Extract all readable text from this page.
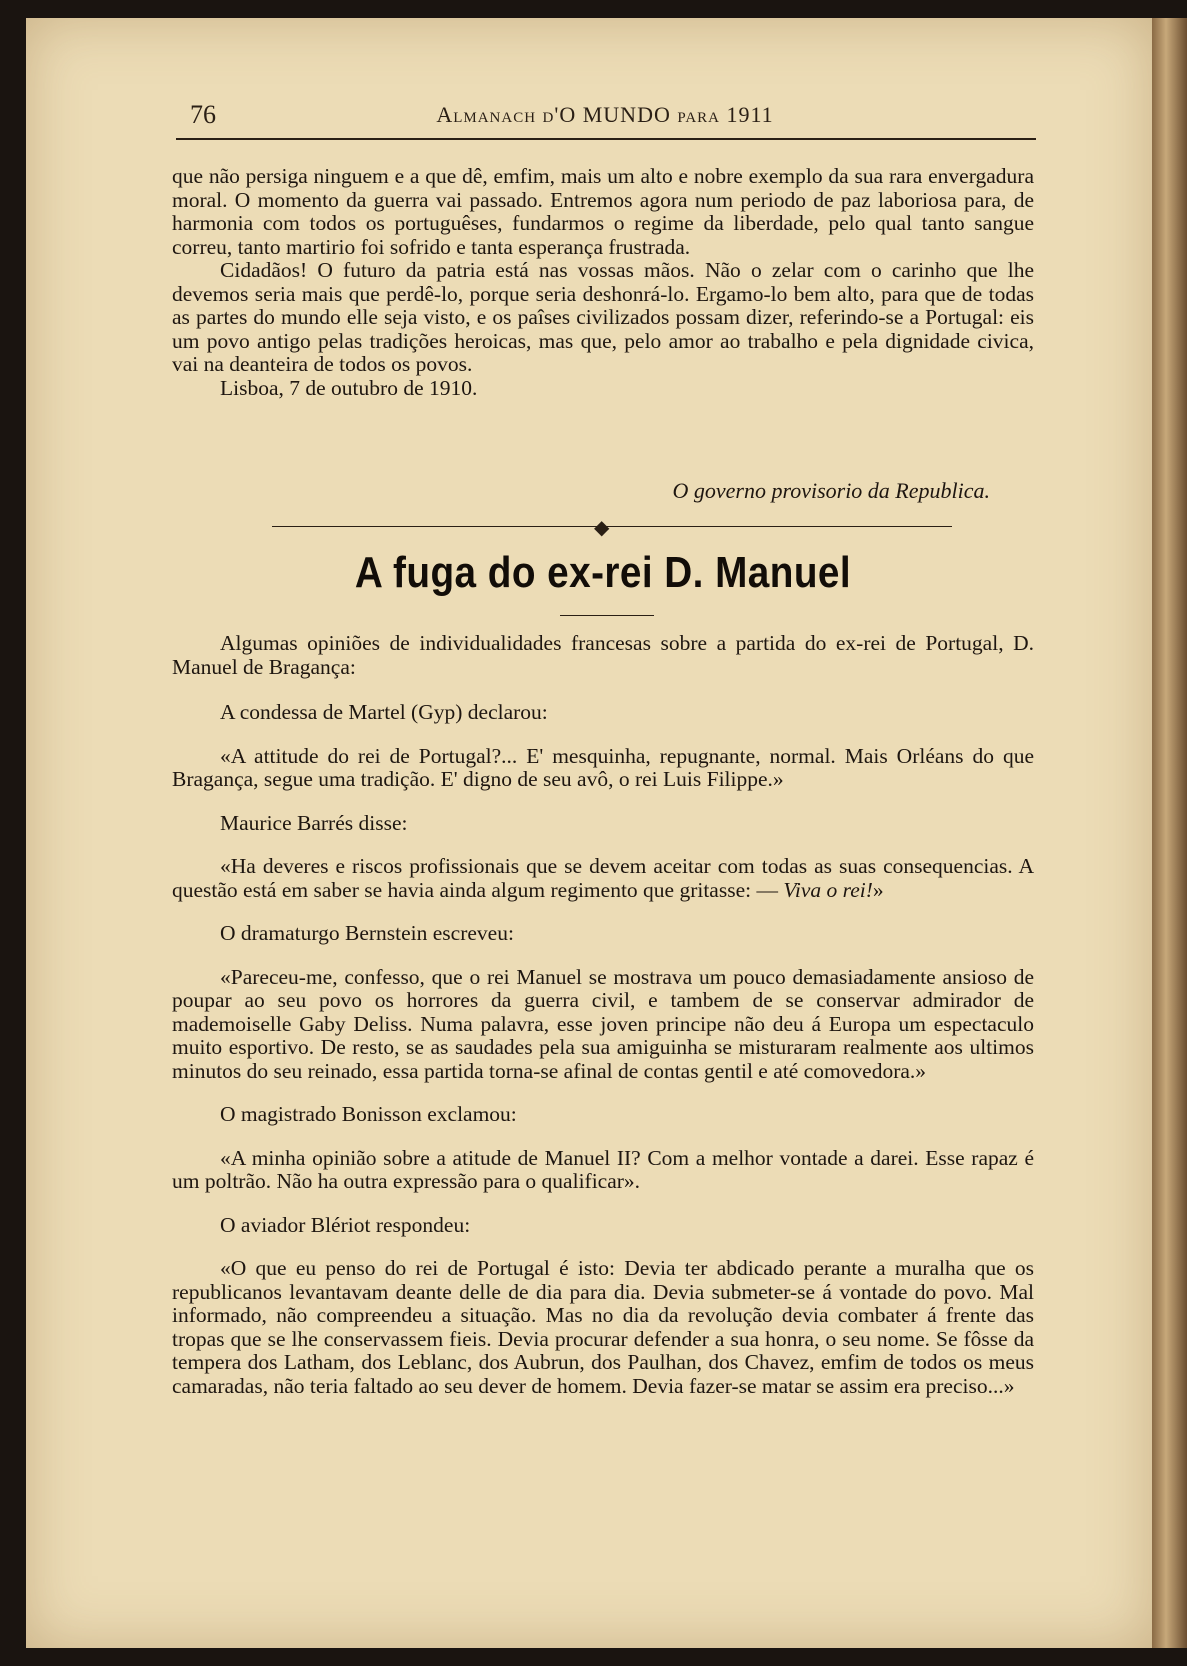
76	Almanach d'O MUNDO para 1911

que não persiga ninguem e a que dê, emfim, mais um alto e nobre exemplo da sua rara envergadura moral. O momento da guerra vai passado. Entremos agora num periodo de paz laboriosa para, de harmonia com todos os portuguêses, fundarmos o regime da liberdade, pelo qual tanto sangue correu, tanto martirio foi sofrido e tanta esperança frustrada.

Cidadãos! O futuro da patria está nas vossas mãos. Não o zelar com o carinho que lhe devemos seria mais que perdê-lo, porque seria deshonrá-lo. Ergamo-lo bem alto, para que de todas as partes do mundo elle seja visto, e os paîses civilizados possam dizer, referindo-se a Portugal: eis um povo antigo pelas tradições heroicas, mas que, pelo amor ao trabalho e pela dignidade civica, vai na deanteira de todos os povos.

Lisboa, 7 de outubro de 1910.

O governo provisorio da Republica.
◆
A fuga do ex-rei D. Manuel

Algumas opiniões de individualidades francesas sobre a partida do ex-rei de Portugal, D. Manuel de Bragança:

A condessa de Martel (Gyp) declarou:

«A attitude do rei de Portugal?... E' mesquinha, repugnante, normal. Mais Orléans do que Bragança, segue uma tradição. E' digno de seu avô, o rei Luis Filippe.»

Maurice Barrés disse:

«Ha deveres e riscos profissionais que se devem aceitar com todas as suas consequencias. A questão está em saber se havia ainda algum regimento que gritasse: — Viva o rei!»

O dramaturgo Bernstein escreveu:

«Pareceu-me, confesso, que o rei Manuel se mostrava um pouco demasiadamente ansioso de poupar ao seu povo os horrores da guerra civil, e tambem de se conservar admirador de mademoiselle Gaby Deliss. Numa palavra, esse joven principe não deu á Europa um espectaculo muito esportivo. De resto, se as saudades pela sua amiguinha se misturaram realmente aos ultimos minutos do seu reinado, essa partida torna-se afinal de contas gentil e até comovedora.»

O magistrado Bonisson exclamou:

«A minha opinião sobre a atitude de Manuel II? Com a melhor vontade a darei. Esse rapaz é um poltrão. Não ha outra expressão para o qualificar».

O aviador Blériot respondeu:

«O que eu penso do rei de Portugal é isto: Devia ter abdicado perante a muralha que os republicanos levantavam deante delle de dia para dia. Devia submeter-se á vontade do povo. Mal informado, não compreendeu a situação. Mas no dia da revolução devia combater á frente das tropas que se lhe conservassem fieis. Devia procurar defender a sua honra, o seu nome. Se fôsse da tempera dos Latham, dos Leblanc, dos Aubrun, dos Paulhan, dos Chavez, emfim de todos os meus camaradas, não teria faltado ao seu dever de homem. Devia fazer-se matar se assim era preciso...»
